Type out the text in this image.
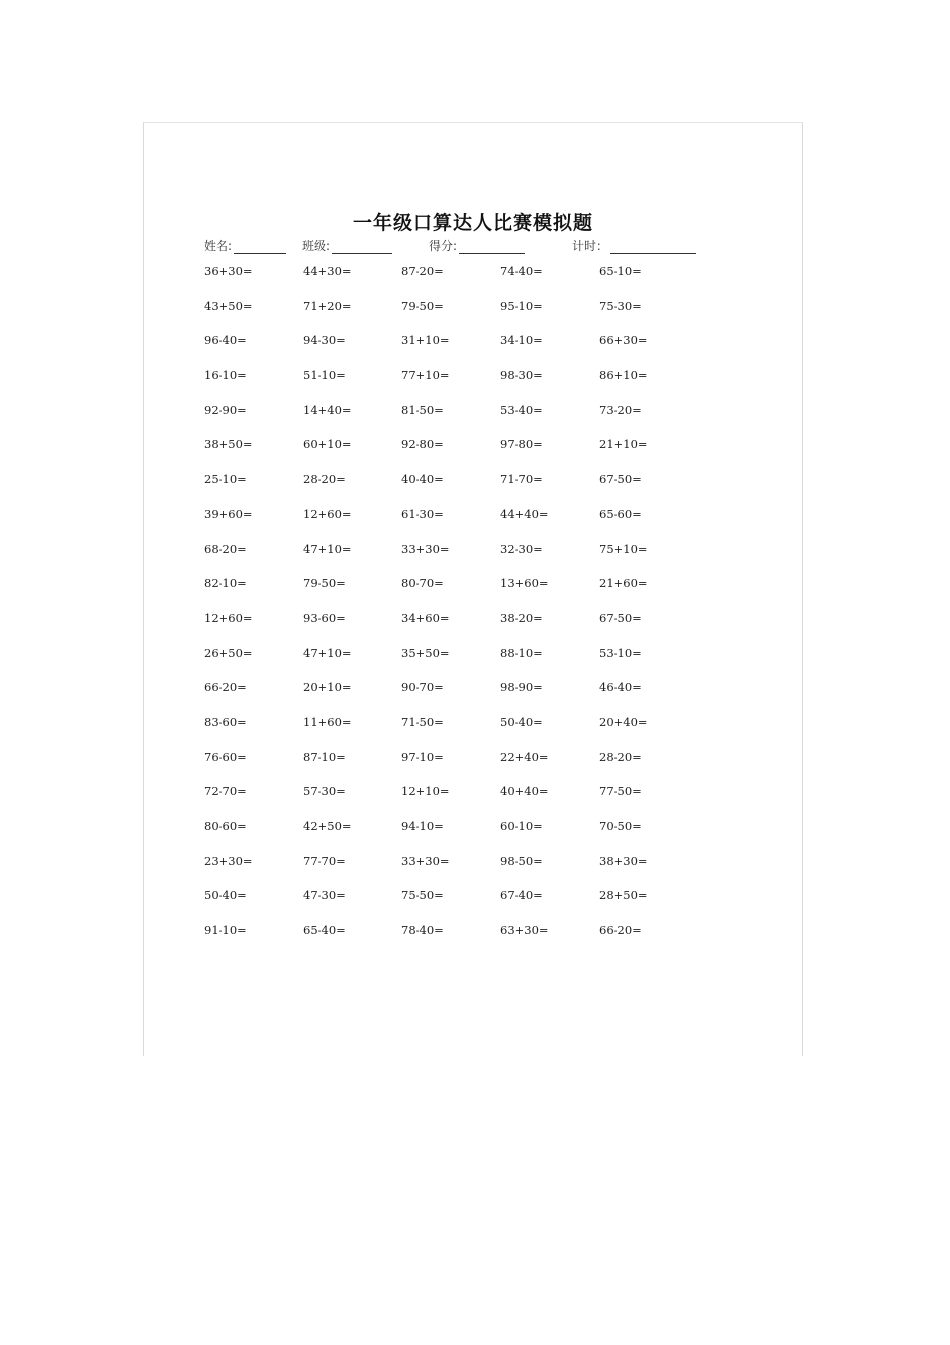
一年级口算达人比赛模拟题
姓名:	班级:	得分:	计时：
36+30=	44+30=	87-20=	74-40=	65-10=
43+50=	71+20=	79-50=	95-10=	75-30=
96-40=	94-30=	31+10=	34-10=	66+30=
16-10=	51-10=	77+10=	98-30=	86+10=
92-90=	14+40=	81-50=	53-40=	73-20=
38+50=	60+10=	92-80=	97-80=	21+10=
25-10=	28-20=	40-40=	71-70=	67-50=
39+60=	12+60=	61-30=	44+40=	65-60=
68-20=	47+10=	33+30=	32-30=	75+10=
82-10=	79-50=	80-70=	13+60=	21+60=
12+60=	93-60=	34+60=	38-20=	67-50=
26+50=	47+10=	35+50=	88-10=	53-10=
66-20=	20+10=	90-70=	98-90=	46-40=
83-60=	11+60=	71-50=	50-40=	20+40=
76-60=	87-10=	97-10=	22+40=	28-20=
72-70=	57-30=	12+10=	40+40=	77-50=
80-60=	42+50=	94-10=	60-10=	70-50=
23+30=	77-70=	33+30=	98-50=	38+30=
50-40=	47-30=	75-50=	67-40=	28+50=
91-10=	65-40=	78-40=	63+30=	66-20=
